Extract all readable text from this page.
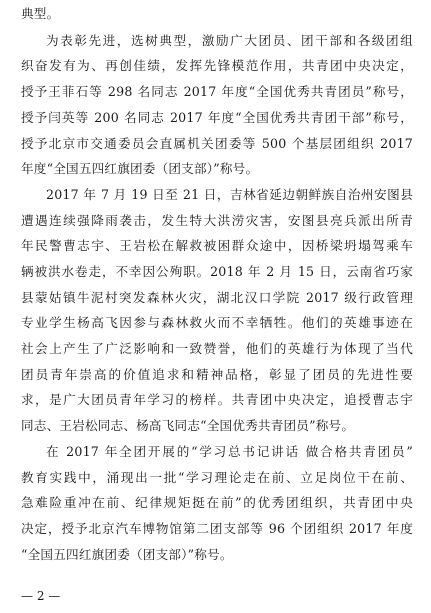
典型。
为表彰先进，选树典型，激励广大团员、团干部和各级团组
织奋发有为、再创佳绩，发挥先锋模范作用，共青团中央决定，
授予王菲石等 298 名同志 2017 年度“全国优秀共青团员”称号，
授予闫英等 200 名同志 2017 年度“全国优秀共青团干部”称号，
授予北京市交通委员会直属机关团委等 500 个基层团组织 2017
年度“全国五四红旗团委（团支部）”称号。
2017 年 7 月 19 日至 21 日，吉林省延边朝鲜族自治州安图县
遭遇连续强降雨袭击，发生特大洪涝灾害，安图县亮兵派出所青
年民警曹志宇、王岩松在解救被困群众途中，因桥梁坍塌驾乘车
辆被洪水卷走，不幸因公殉职。2018 年 2 月 15 日，云南省巧家
县蒙姑镇牛泥村突发森林火灾，湖北汉口学院 2017 级行政管理
专业学生杨高飞因参与森林救火而不幸牺牲。他们的英雄事迹在
社会上产生了广泛影响和一致赞誉，他们的英雄行为体现了当代
团员青年崇高的价值追求和精神品格，彰显了团员的先进性要
求，是广大团员青年学习的榜样。共青团中央决定，追授曹志宇
同志、王岩松同志、杨高飞同志“全国优秀共青团员”称号。
在 2017 年全团开展的“学习总书记讲话 做合格共青团员”
教育实践中，涌现出一批“学习理论走在前、立足岗位干在前、
急难险重冲在前、纪律规矩挺在前”的优秀团组织，共青团中央
决定，授予北京汽车博物馆第二团支部等 96 个团组织 2017 年度
“全国五四红旗团委（团支部）”称号。
— 2 —
